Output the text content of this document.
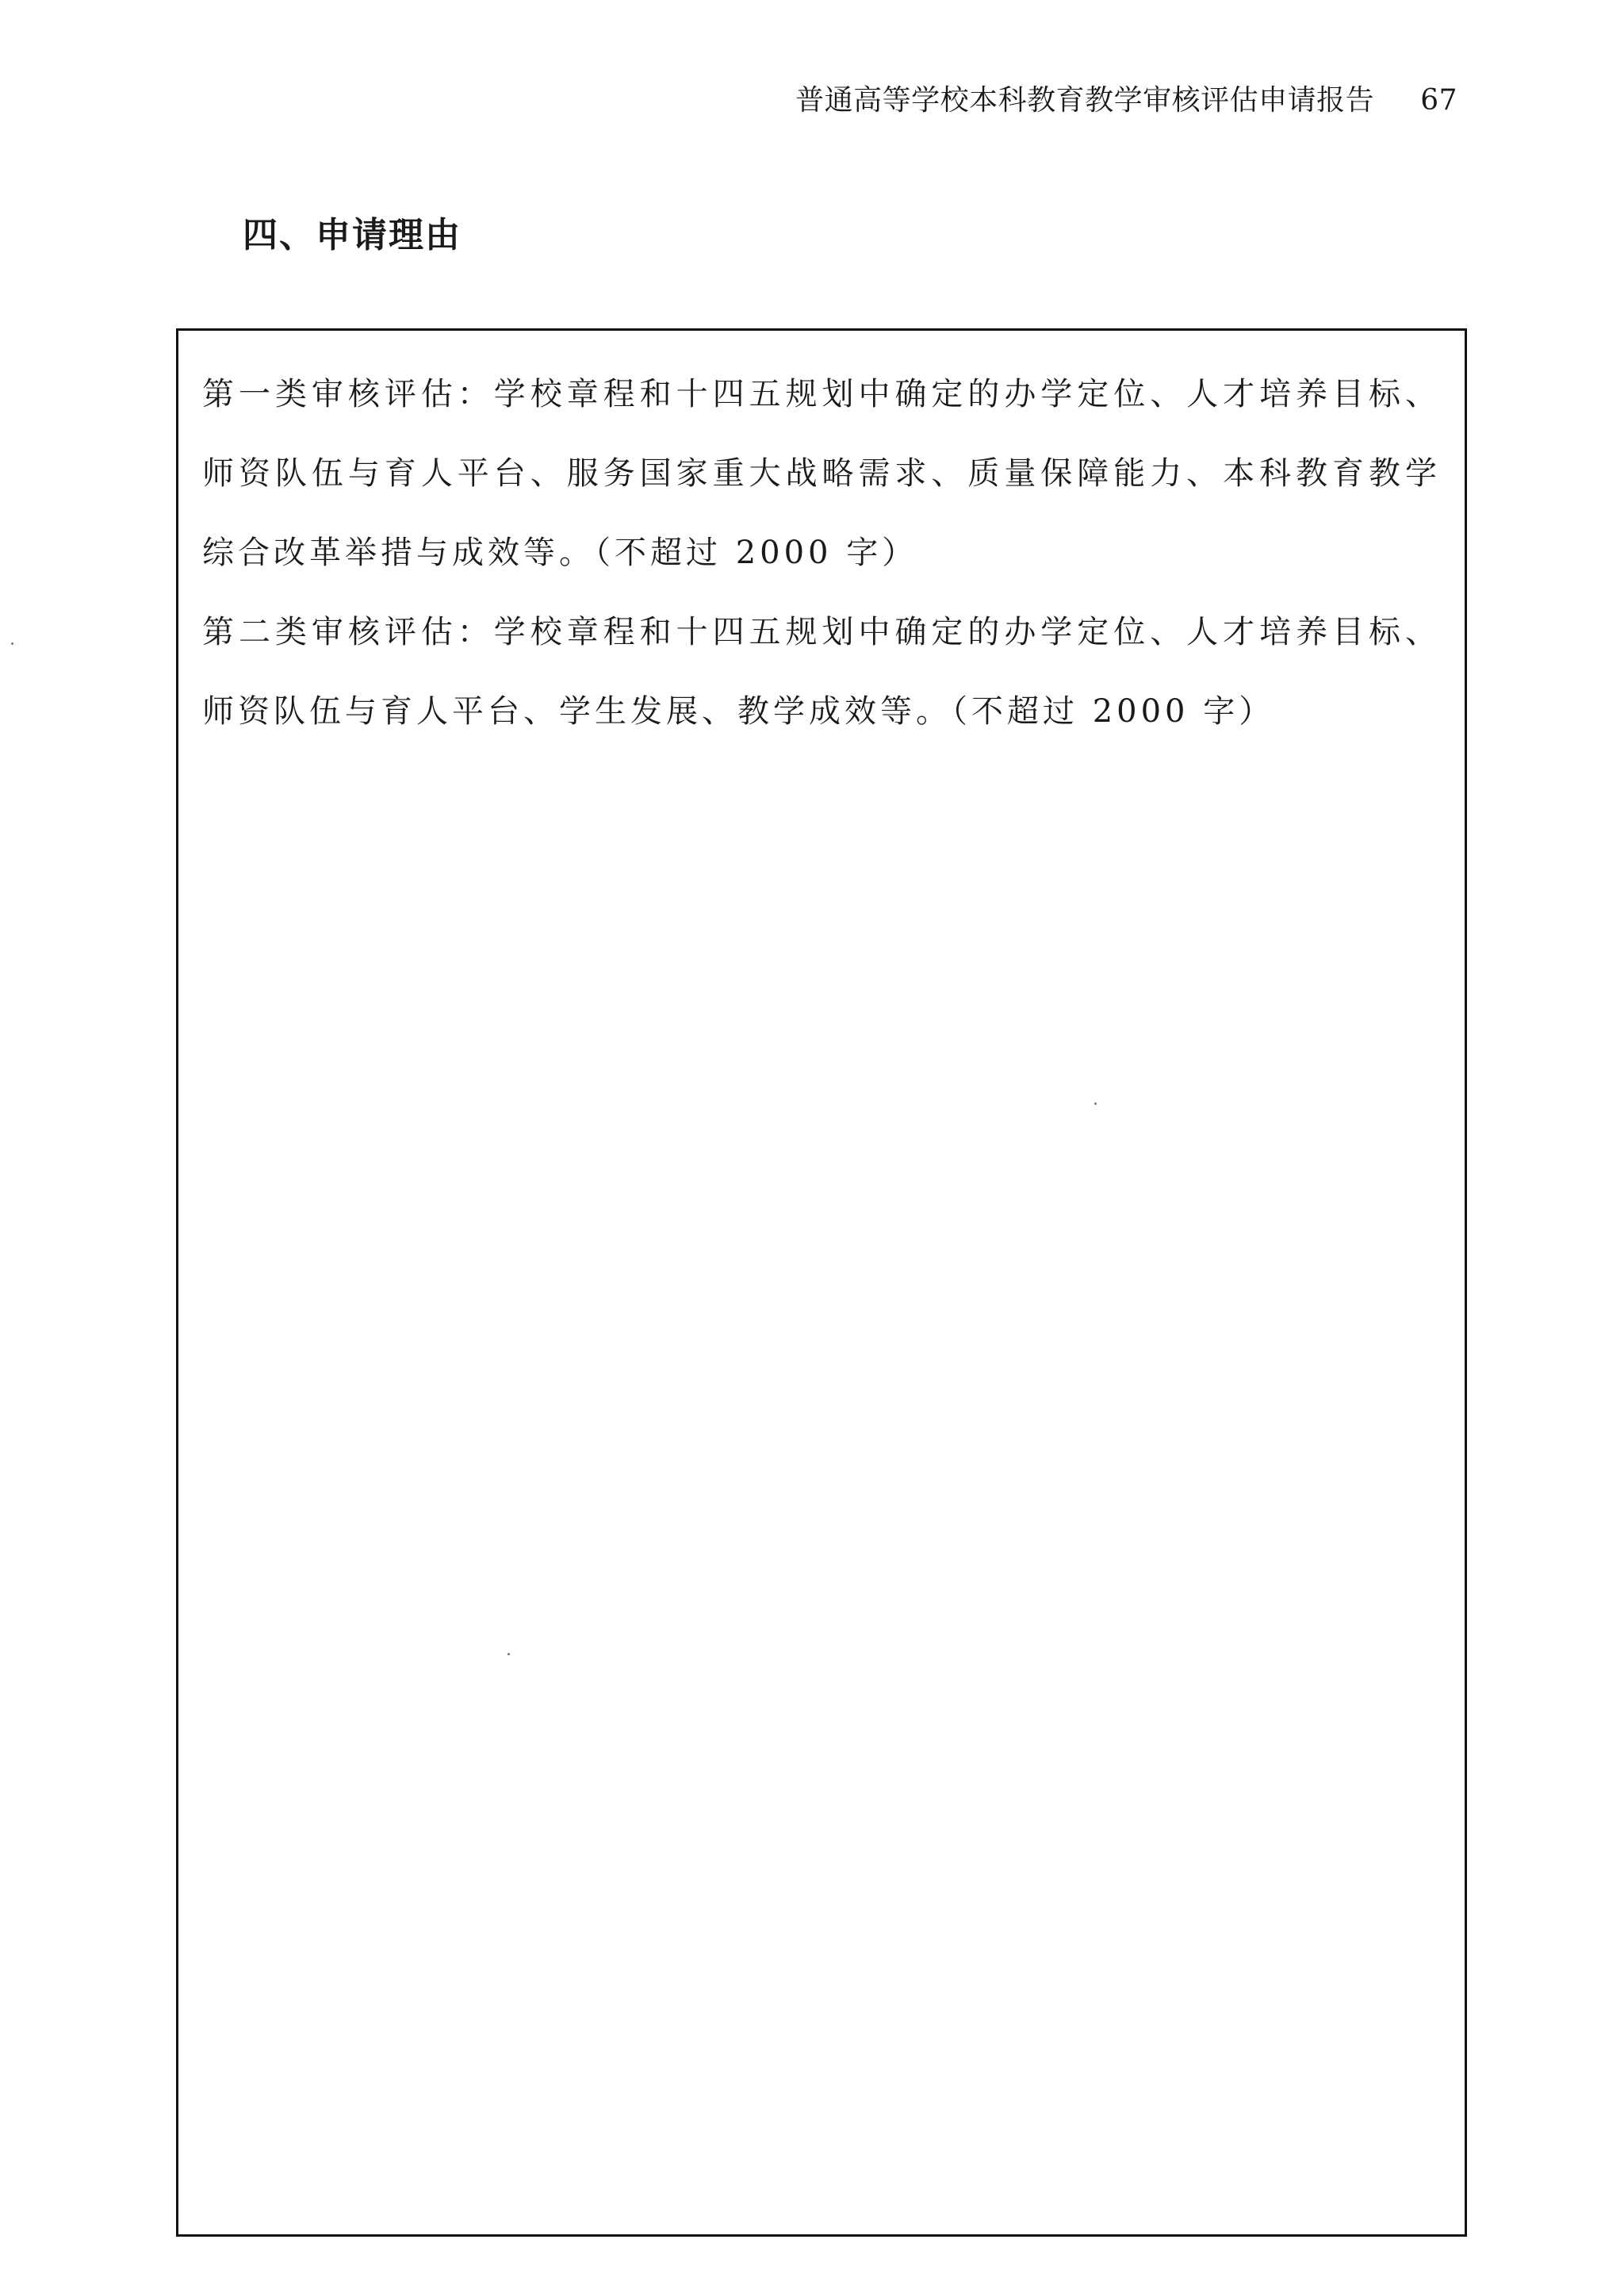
普通高等学校本科教育教学审核评估申请报告 67
四、申请理由

第一类审核评估：学校章程和十四五规划中确定的办学定位、人才培养目标、师资队伍与育人平台、服务国家重大战略需求、质量保障能力、本科教育教学综合改革举措与成效等。（不超过 2000 字）

第二类审核评估：学校章程和十四五规划中确定的办学定位、人才培养目标、师资队伍与育人平台、学生发展、教学成效等。（不超过 2000 字）
